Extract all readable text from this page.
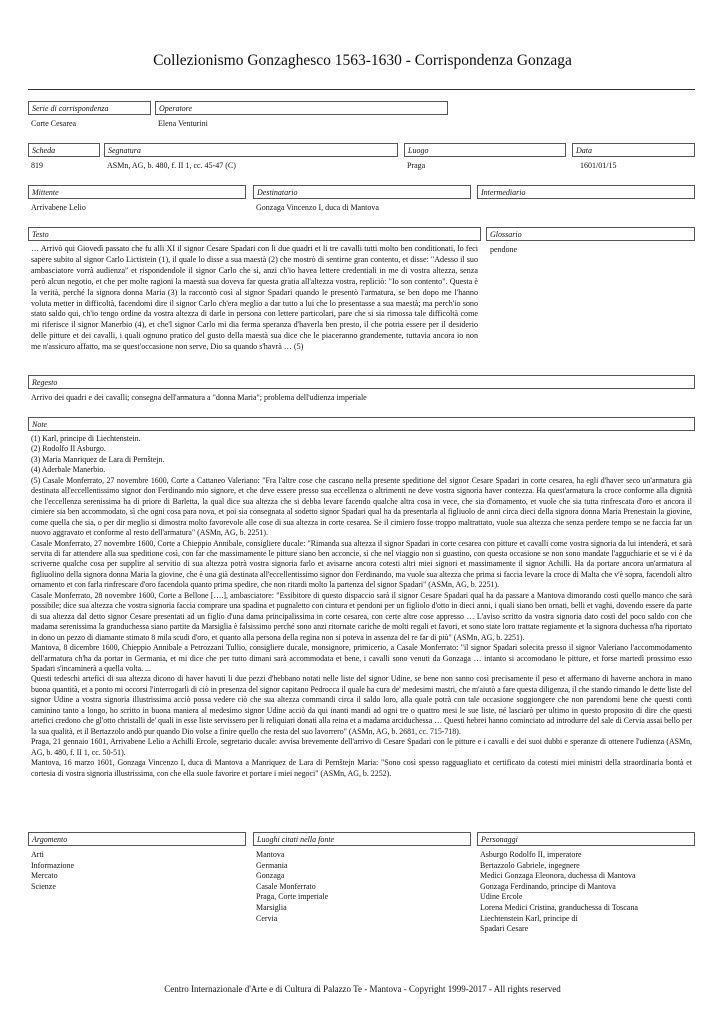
Collezionismo Gonzaghesco 1563-1630 - Corrispondenza Gonzaga
Serie di corrispondenza
Corte Cesarea
Operatore
Elena Venturini
Scheda
819
Segnatura
ASMn, AG, b. 480, f. II 1, cc. 45-47 (C)
Luogo
Praga
Data
1601/01/15
Mittente
Arrivabene Lelio
Destinatario
Gonzaga Vincenzo I, duca di Mantova
Intermediario
Testo

… Arrivò qui Giovedì passato che fu alli XI il signor Cesare Spadari con li due quadri et li tre cavalli tutti molto ben conditionati, lo feci sapere subito al signor Carlo Lictistein (1), il quale lo disse a sua maestà (2) che mostrò di sentirne gran contento, et disse: "Adesso il suo ambasciatore vorrà audienza" et rispondendole il signor Carlo che sì, anzi ch'io havea lettere credentiali in me di vostra altezza, senza però alcun negotio, et che per molte ragioni la maestà sua doveva far questa gratia all'altezza vostra, repliciò: "Io son contento". Questa è la verità, perché la signora donna Maria (3) la raccontò così al signor Spadari quando le presentò l'armatura, se ben dopo me l'hanno voluta metter in difficoltà, facendomi dire il signor Carlo ch'era meglio a dar tutto a lui che lo presentasse a sua maestà; ma perch'io sono stato saldo qui, ch'io tengo ordine da vostra altezza di darle in persona con lettere particolari, pare che si sia rimossa tale difficoltà come mi riferisce il signor Manerbio (4), et che'l signor Carlo mi dia ferma speranza d'haverla ben presto, il che potria essere per il desiderio delle pitture et dei cavalli, i quali ognuno pratico del gusto della maestà sua dice che le piaceranno grandemente, tuttavia ancora io non me n'assicuro affatto, ma se quest'occasione non serve, Dio sa quando s'havrà … (5)

Glossario
pendone
Regesto
Arrivo dei quadri e dei cavalli; consegna dell'armatura a "donna Maria"; problema dell'udienza imperiale
Note

(1) Karl, principe di Liechtenstein.

(2) Rodolfo II Asburgo.

(3) Maria Manriquez de Lara di Pernštejn.

(4) Aderbale Manerbio.

(5) Casale Monferrato, 27 novembre 1600, Corte a Cattaneo Valeriano: "Fra l'altre cose che cascano nella presente speditione del signor Cesare Spadari in corte cesarea, ha egli d'haver seco un'armatura già destinata all'eccellentissimo signor don Ferdinando mio signore, et che deve essere presso sua eccellenza o altrimenti ne deve vostra signoria haver contezza. Ha quest'armatura la croce conforme alla dignità che l'eccellenza serenissima ha di priore di Barletta, la qual dice sua altezza che si debba levare facendo qualche altra cosa in vece, che sia d'ornamento, et vuole che sia tutta rinfrescata d'oro et ancora il cimiere sia ben accommodato, sì che ogni cosa para nova, et poi sia consegnata al sodetto signor Spadari qual ha da presentarla al figliuolo de anni circa dieci della signora donna Maria Prenestain la giovine, come quella che sia, o per dir meglio si dimostra molto favorevole alle cose di sua altezza in corte cesarea. Se il cimiero fosse troppo maltrattato, vuole sua altezza che senza perdere tempo se ne faccia far un nuovo aggravato et conforme al resto dell'armatura" (ASMn, AG, b. 2251).

Casale Monferrato, 27 novembre 1600, Corte a Chieppio Annibale, consigliere ducale: "Rimanda sua altezza il signor Spadari in corte cesarea con pitture et cavalli come vostra signoria da lui intenderà, et sarà servita di far attendere alla sua speditione così, con far che massimamente le pitture siano ben acconcie, sì che nel viaggio non si guastino, con questa occasione se non sono mandate l'agguchiarie et se vi è da scriverne qualche cosa per supplire al servitio di sua altezza potrà vostra signoria farlo et avisarne ancora cotesti altri miei signori et massimamente il signor Achilli. Ha da portare ancora un'armatura al figliuolino della signora donna Maria la giovine, che è una già destinata all'eccellentissimo signor don Ferdinando, ma vuole sua altezza che prima si faccia levare la croce di Malta che v'è sopra, facendoli altro ornamento et con farla rinfrescare d'oro facendola quanto prima spedire, che non ritardi molto la partenza del signor Spadari" (ASMn, AG, b. 2251).

Casale Monferrato, 28 novembre 1600, Corte a Bellone [….], ambasciatore: "Essibitore di questo dispaccio sarà il signor Cesare Spadari qual ha da passare a Mantova dimorando costì quello manco che sarà possibile; dice sua altezza che vostra signoria faccia comprare una spadina et pugnaletto con cintura et pendoni per un figliolo d'otto in dieci anni, i quali siano ben ornati, belli et vaghi, dovendo essere da parte di sua altezza dal detto signor Cesare presentati ad un figlio d'una dama principalissima in corte cesarea, con certe altre cose appresso … L'aviso scritto da vostra signoria dato costì del poco saldo con che madama serenissima la granduchessa siano partite da Marsiglia è falsissimo perché sono anzi ritornate cariche de molti regali et favori, et sono state loro trattate regiamente et la signora duchessa n'ha riportato in dono un pezzo di diamante stimato 8 mila scudi d'oro, et quanto alla persona della regina non si poteva in assenza del re far di più" (ASMn, AG, b. 2251).

Mantova, 8 dicembre 1600, Chieppio Annibale a Petrozzani Tullio, consigliere ducale, monsignore, primicerio, a Casale Monferrato: "il signor Spadari solecita presso il signor Valeriano l'accommodamento dell'armatura ch'ha da portar in Germania, et mi dice che per tutto dimani sarà accommodata et bene, i cavalli sono venuti da Gonzaga … intanto si accomodano le pitture, et forse martedì prossimo esso Spadari s'incaminerà a quella volta. ...

Questi tedeschi artefici di sua altezza dicono di haver havuti li due pezzi d'hebbano notati nelle liste del signor Udine, se bene non sanno così precisamente il peso et affermano di haverne anchora in mano buona quantità, et a ponto mi occorsi l'interrogarli di ciò in presenza del signor capitano Pedrocca il quale ha cura de' medesimi mastri, che m'aiutò a fare questa diligenza, il che stando rimando le dette liste del signor Udine a vostra signoria illustrissima acciò possa vedere ciò che sua altezza commandi circa il saldo loro, alla quale potrà con tale occasione soggiongere che non parendomi bene che questi conti caminino tanto a longo, ho scritto in buona maniera al medesimo signor Udine acciò da qui inanti mandi ad ogni tre o quattro mesi le sue liste, né lasciarò per ultimo in questo proposito di dire che questi artefici credono che gl'otto christalli de' quali in esse liste servissero per li reliquiari donati alla reina et a madama arciduchessa … Questi hebrei hanno cominciato ad introdurre del sale di Cervia assai bello per la sua qualità, et il Bertazzolo andò pur quando Dio volse a finire quello che resta del suo lavorrero" (ASMn, AG, b. 2681, cc. 715-718).

Praga, 21 gennaio 1601, Arrivabene Lelio a Achilli Ercole, segretario ducale: avvisa brevemente dell'arrivo di Cesare Spadari con le pitture e i cavalli e dei suoi dubbi e speranze di ottenere l'udienza (ASMn, AG, b. 480, f. II 1, cc. 50-51).

Mantova, 16 marzo 1601, Gonzaga Vincenzo I, duca di Mantova a Manriquez de Lara di Pernštejn Maria: "Sono così spesso ragguagliato et certificato da cotesti miei ministri della straordinaria bontà et cortesia di vostra signoria illustrissima, con che ella suole favorire et portare i miei negoci" (ASMn, AG, b. 2252).

Argomento
Arti
Informazione
Mercato
Scienze
Luoghi citati nella fonte
Mantova
Germania
Gonzaga
Casale Monferrato
Praga, Corte imperiale
Marsiglia
Cervia
Personaggi
Asburgo Rodolfo II, imperatore
Bertazzolo Gabriele, ingegnere
Medici Gonzaga Eleonora, duchessa di Mantova
Gonzaga Ferdinando, principe di Mantova
Udine Ercole
Lorena Medici Cristina, granduchessa di Toscana
Liechtenstein Karl, principe di
Spadari Cesare
Centro Internazionale d'Arte e di Cultura di Palazzo Te - Mantova - Copyright 1999-2017 - All rights reserved
